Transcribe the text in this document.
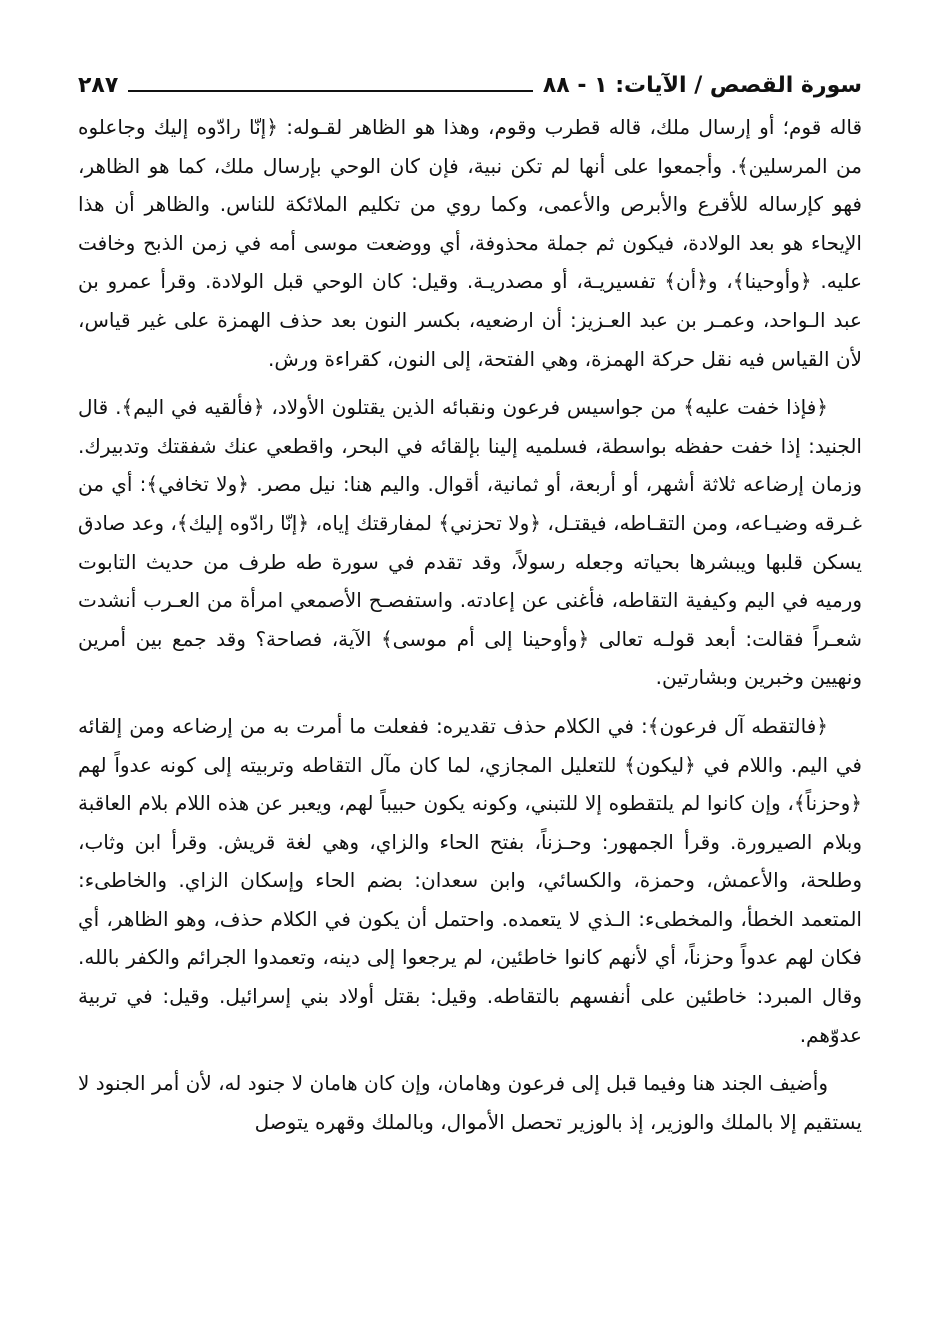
سورة القصص / الآيات: ١ - ٨٨
٢٨٧

قاله قوم؛ أو إرسال ملك، قاله قطرب وقوم، وهذا هو الظاهر لقـوله: ﴿إنّا رادّوه إليك وجاعلوه من المرسلين﴾. وأجمعوا على أنها لم تكن نبية، فإن كان الوحي بإرسال ملك، كما هو الظاهر، فهو كإرساله للأقرع والأبرص والأعمى، وكما روي من تكليم الملائكة للناس. والظاهر أن هذا الإيحاء هو بعد الولادة، فيكون ثم جملة محذوفة، أي ووضعت موسى أمه في زمن الذبح وخافت عليه. ﴿وأوحينا﴾، و﴿أن﴾ تفسيريـة، أو مصدريـة. وقيل: كان الوحي قبل الولادة. وقرأ عمرو بن عبد الـواحد، وعمـر بن عبد العـزيز: أن ارضعيه، بكسر النون بعد حذف الهمزة على غير قياس، لأن القياس فيه نقل حركة الهمزة، وهي الفتحة، إلى النون، كقراءة ورش.

﴿فإذا خفت عليه﴾ من جواسيس فرعون ونقبائه الذين يقتلون الأولاد، ﴿فألقيه في اليم﴾. قال الجنيد: إذا خفت حفظه بواسطة، فسلميه إلينا بإلقائه في البحر، واقطعي عنك شفقتك وتدبيرك. وزمان إرضاعه ثلاثة أشهر، أو أربعة، أو ثمانية، أقوال. واليم هنا: نيل مصر. ﴿ولا تخافي﴾: أي من غـرقه وضيـاعه، ومن التقـاطه، فيقتـل، ﴿ولا تحزني﴾ لمفارقتك إياه، ﴿إنّا رادّوه إليك﴾، وعد صادق يسكن قلبها ويبشرها بحياته وجعله رسولاً، وقد تقدم في سورة طه طرف من حديث التابوت ورميه في اليم وكيفية التقاطه، فأغنى عن إعادته. واستفصـح الأصمعي امرأة من العـرب أنشدت شعـراً فقالت: أبعد قولـه تعالى ﴿وأوحينا إلى أم موسى﴾ الآية، فصاحة؟ وقد جمع بين أمرين ونهيين وخبرين وبشارتين.

﴿فالتقطه آل فرعون﴾: في الكلام حذف تقديره: ففعلت ما أمرت به من إرضاعه ومن إلقائه في اليم. واللام في ﴿ليكون﴾ للتعليل المجازي، لما كان مآل التقاطه وتربيته إلى كونه عدواً لهم ﴿وحزناً﴾، وإن كانوا لم يلتقطوه إلا للتبني، وكونه يكون حبيباً لهم، ويعبر عن هذه اللام بلام العاقبة وبلام الصيرورة. وقرأ الجمهور: وحـزناً، بفتح الحاء والزاي، وهي لغة قريش. وقرأ ابن وثاب، وطلحة، والأعمش، وحمزة، والكسائي، وابن سعدان: بضم الحاء وإسكان الزاي. والخاطىء: المتعمد الخطأ، والمخطىء: الـذي لا يتعمده. واحتمل أن يكون في الكلام حذف، وهو الظاهر، أي فكان لهم عدواً وحزناً، أي لأنهم كانوا خاطئين، لم يرجعوا إلى دينه، وتعمدوا الجرائم والكفر بالله. وقال المبرد: خاطئين على أنفسهم بالتقاطه. وقيل: بقتل أولاد بني إسرائيل. وقيل: في تربية عدوّهم.

وأضيف الجند هنا وفيما قبل إلى فرعون وهامان، وإن كان هامان لا جنود له، لأن أمر الجنود لا يستقيم إلا بالملك والوزير، إذ بالوزير تحصل الأموال، وبالملك وقهره يتوصل
